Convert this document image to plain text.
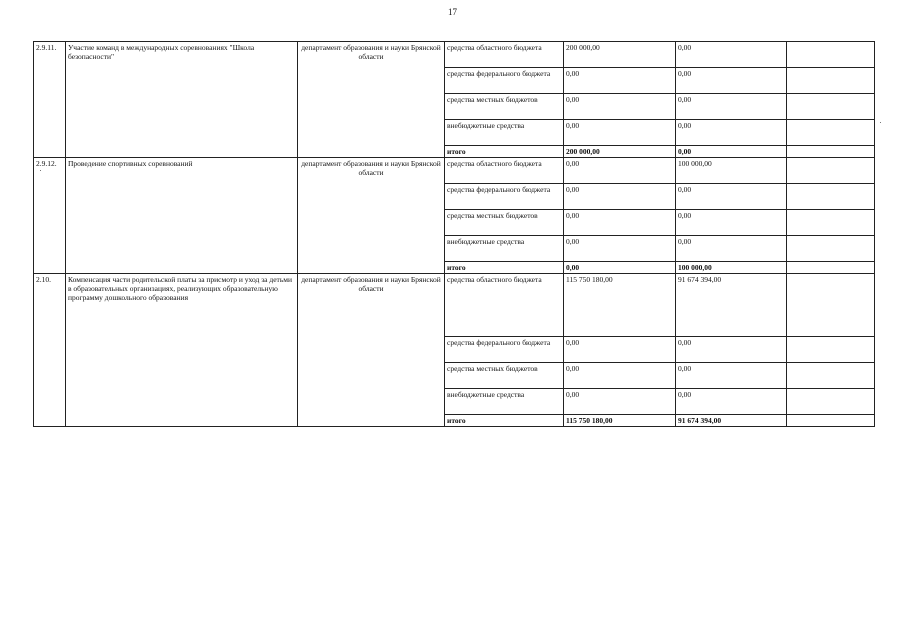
17
2.9.11.	Участие команд в международных соревнованиях "Школа безопасности"	департамент образования и науки Брянской области	средства областного бюджета	200 000,00	0,00	
			средства федерального бюджета	0,00	0,00	
			средства местных бюджетов	0,00	0,00	
			внебюджетные средства	0,00	0,00	
			итого	200 000,00	0,00	
2.9.12.	Проведение спортивных соревнований	департамент образования и науки Брянской области	средства областного бюджета	0,00	100 000,00	
			средства федерального бюджета	0,00	0,00	
			средства местных бюджетов	0,00	0,00	
			внебюджетные средства	0,00	0,00	
			итого	0,00	100 000,00	
2.10.	Компенсация части родительской платы за присмотр и уход за детьми в образовательных организациях, реализующих образовательную программу дошкольного образования	департамент образования и науки Брянской области	средства областного бюджета	115 750 180,00	91 674 394,00	
			средства федерального бюджета	0,00	0,00	
			средства местных бюджетов	0,00	0,00	
			внебюджетные средства	0,00	0,00	
			итого	115 750 180,00	91 674 394,00	
